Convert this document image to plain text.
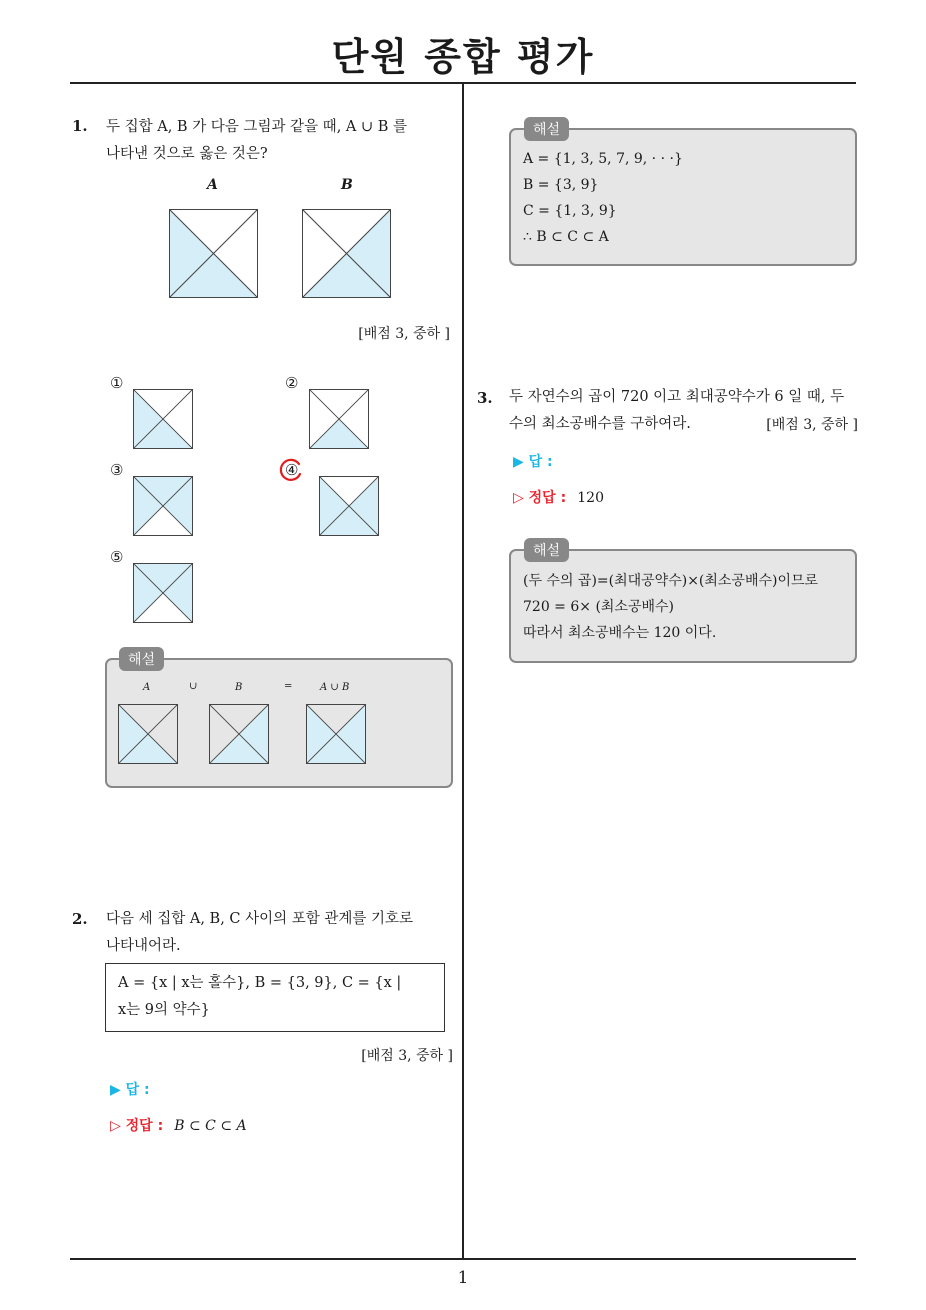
단원 종합 평가
1
1. 두 집합 A, B 가 다음 그림과 같을 때, A ∪ B 를
나타낸 것으로 옳은 것은?
A	B
[배점 3, 중하 ]
①	②
③	④
⑤
해설
A	∪	B	=	A ∪ B
2. 다음 세 집합 A, B, C 사이의 포함 관계를 기호로
나타내어라.
A = {x | x는 홀수}, B = {3, 9}, C = {x |
x는 9의 약수}
[배점 3, 중하 ]
▶ 답 :
▷ 정답 : B ⊂ C ⊂ A
해설
A = {1, 3, 5, 7, 9, · · ·}
B = {3, 9}
C = {1, 3, 9}
∴ B ⊂ C ⊂ A
3. 두 자연수의 곱이 720 이고 최대공약수가 6 일 때, 두
수의 최소공배수를 구하여라.	[배점 3, 중하 ]
▶ 답 :
▷ 정답 : 120
해설
(두 수의 곱)=(최대공약수)×(최소공배수)이므로
720 = 6× (최소공배수)
따라서 최소공배수는 120 이다.
